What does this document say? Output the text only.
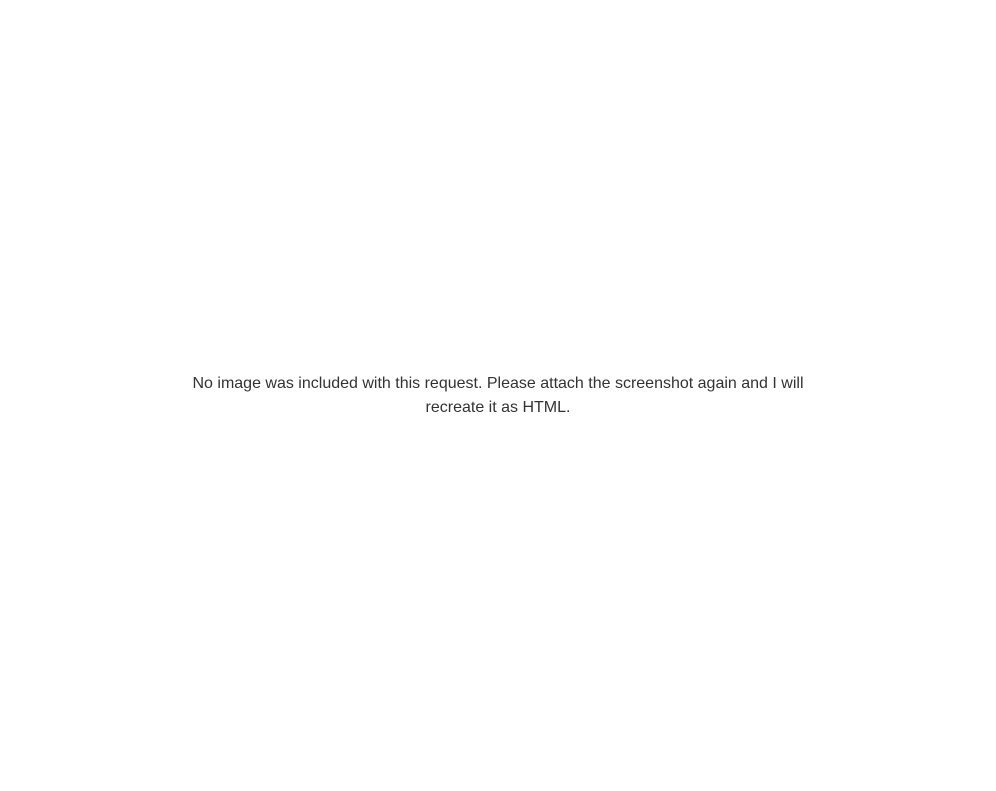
No image was included with this request. Please attach the screenshot again and I will recreate it as HTML.
